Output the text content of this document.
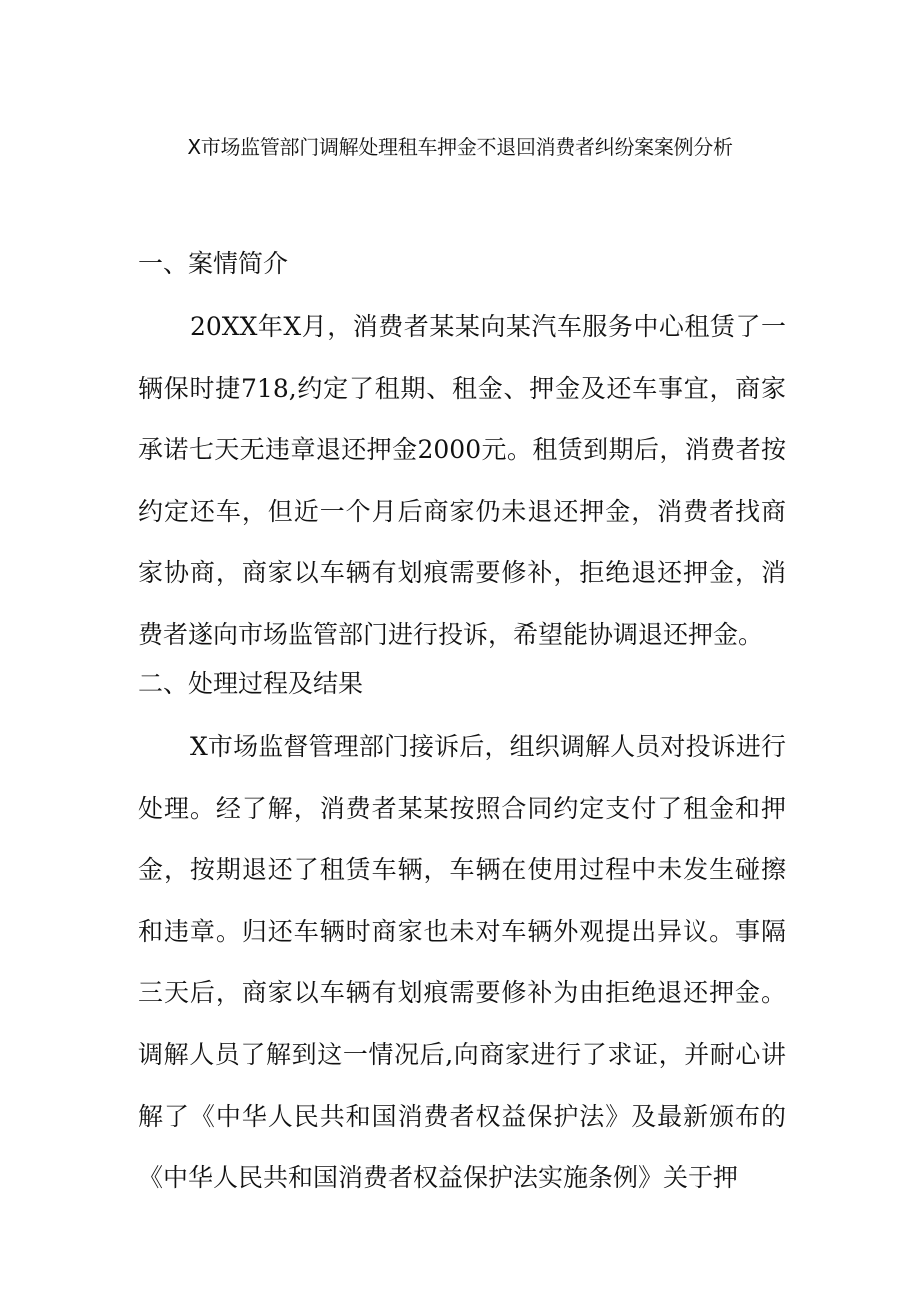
X市场监管部门调解处理租车押金不退回消费者纠纷案案例分析
一、案情简介

20XX年X月，消费者某某向某汽车服务中心租赁了一辆保时捷718,约定了租期、租金、押金及还车事宜，商家承诺七天无违章退还押金2000元。租赁到期后，消费者按约定还车，但近一个月后商家仍未退还押金，消费者找商家协商，商家以车辆有划痕需要修补，拒绝退还押金，消费者遂向市场监管部门进行投诉，希望能协调退还押金。

二、处理过程及结果

X市场监督管理部门接诉后，组织调解人员对投诉进行处理。经了解，消费者某某按照合同约定支付了租金和押金，按期退还了租赁车辆，车辆在使用过程中未发生碰擦和违章。归还车辆时商家也未对车辆外观提出异议。事隔三天后，商家以车辆有划痕需要修补为由拒绝退还押金。调解人员了解到这一情况后,向商家进行了求证，并耐心讲解了《中华人民共和国消费者权益保护法》及最新颁布的《中华人民共和国消费者权益保护法实施条例》关于押
